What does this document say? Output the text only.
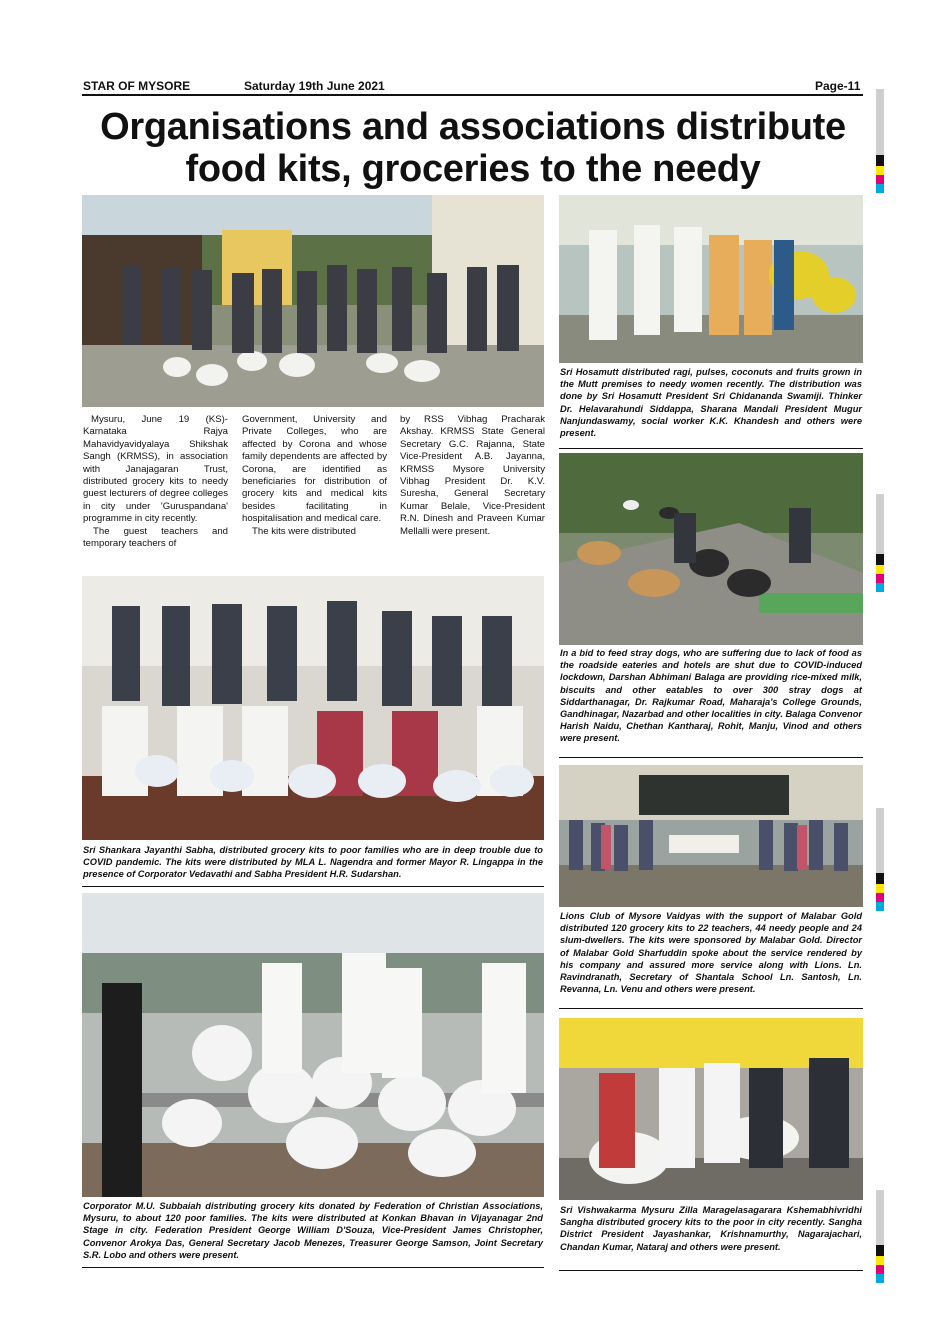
STAR OF MYSORE	Saturday 19th June 2021	Page-11
Organisations and associations distribute
food kits, groceries to the needy

Mysuru, June 19 (KS)- Karnataka Rajya Mahavidyavidyalaya Shikshak Sangh (KRMSS), in association with Janajagaran Trust, distributed grocery kits to needy guest lecturers of degree colleges in city under 'Guruspandana' programme in city recently.

The guest teachers and temporary teachers of

Government, University and Private Colleges, who are affected by Corona and whose family dependents are affected by Corona, are identified as beneficiaries for distribution of grocery kits and medical kits besides facilitating in hospitalisation and medical care.

The kits were distributed

by RSS Vibhag Pracharak Akshay. KRMSS State General Secretary G.C. Rajanna, State Vice-President A.B. Jayanna, KRMSS Mysore University Vibhag President Dr. K.V. Suresha, General Secretary Kumar Belale, Vice-President R.N. Dinesh and Praveen Kumar Mellalli were present.

Sri Hosamutt distributed ragi, pulses, coconuts and fruits grown in the Mutt premises to needy women recently. The distribution was done by Sri Hosamutt President Sri Chidananda Swamiji. Thinker Dr. Helavarahundi Siddappa, Sharana Mandali President Mugur Nanjundaswamy, social worker K.K. Khandesh and others were present.

In a bid to feed stray dogs, who are suffering due to lack of food as the roadside eateries and hotels are shut due to COVID-induced lockdown, Darshan Abhimani Balaga are providing rice-mixed milk, biscuits and other eatables to over 300 stray dogs at Siddarthanagar, Dr. Rajkumar Road, Maharaja's College Grounds, Gandhinagar, Nazarbad and other localities in city. Balaga Convenor Harish Naidu, Chethan Kantharaj, Rohit, Manju, Vinod and others were present.

Sri Shankara Jayanthi Sabha, distributed grocery kits to poor families who are in deep trouble due to COVID pandemic. The kits were distributed by MLA L. Nagendra and former Mayor R. Lingappa in the presence of Corporator Vedavathi and Sabha President H.R. Sudarshan.

Lions Club of Mysore Vaidyas with the support of Malabar Gold distributed 120 grocery kits to 22 teachers, 44 needy people and 24 slum-dwellers. The kits were sponsored by Malabar Gold. Director of Malabar Gold Sharfuddin spoke about the service rendered by his company and assured more service along with Lions. Ln. Ravindranath, Secretary of Shantala School Ln. Santosh, Ln. Revanna, Ln. Venu and others were present.

Corporator M.U. Subbaiah distributing grocery kits donated by Federation of Christian Associations, Mysuru, to about 120 poor families. The kits were distributed at Konkan Bhavan in Vijayanagar 2nd Stage in city. Federation President George William D'Souza, Vice-President James Christopher, Convenor Arokya Das, General Secretary Jacob Menezes, Treasurer George Samson, Joint Secretary S.R. Lobo and others were present.

Sri Vishwakarma Mysuru Zilla Maragelasagarara Kshemabhivridhi Sangha distributed grocery kits to the poor in city recently. Sangha District President Jayashankar, Krishnamurthy, Nagarajachari, Chandan Kumar, Nataraj and others were present.
